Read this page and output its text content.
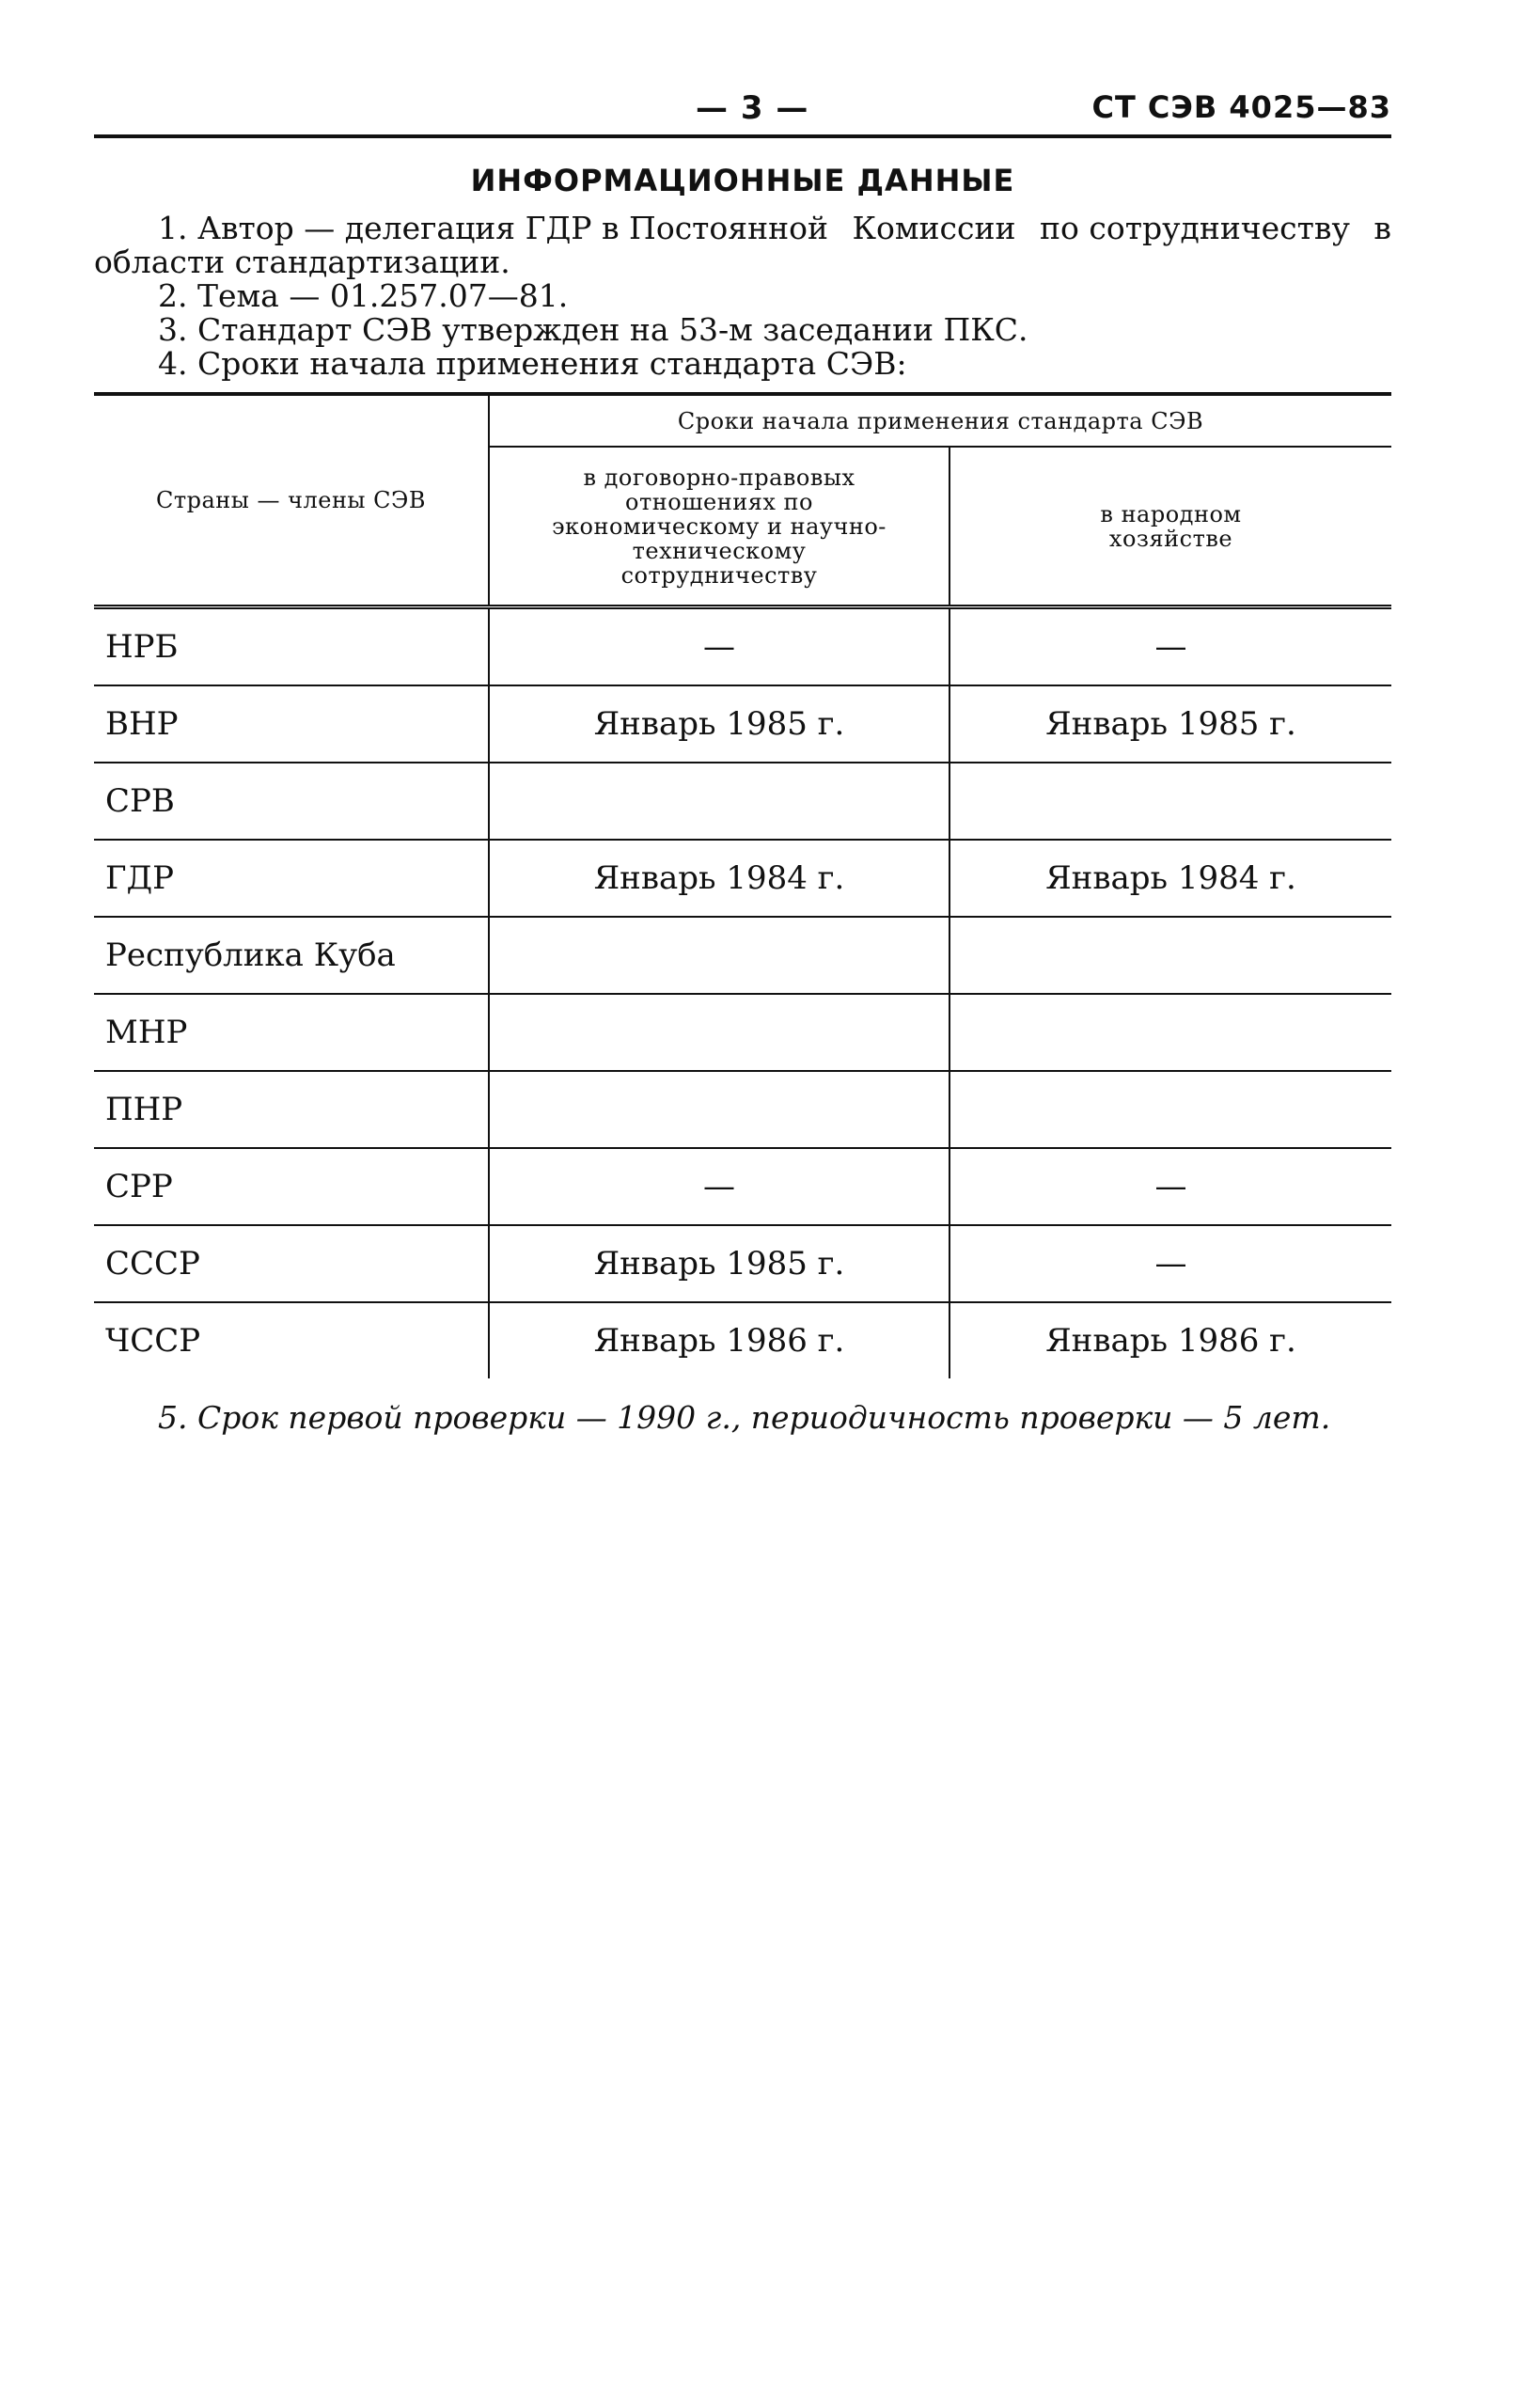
— 3 —	СТ СЭВ 4025—83
ИНФОРМАЦИОННЫЕ ДАННЫЕ

1. Автор — делегация ГДР в Постоянной Комиссии по сотрудничеству в

области стандартизации.

2. Тема — 01.257.07—81.

3. Стандарт СЭВ утвержден на 53-м заседании ПКС.

4. Сроки начала применения стандарта СЭВ:

Страны — члены СЭВ	Сроки начала применения стандарта СЭВ	

	в договорно-правовых отношениях по экономическому и научно-техническому сотрудничеству	в народном хозяйстве

НРБ	—	—
ВНР	Январь 1985 г.	Январь 1985 г.
СРВ		
ГДР	Январь 1984 г.	Январь 1984 г.
Республика Куба		
МНР		
ПНР		
СРР	—	—
СССР	Январь 1985 г.	—
ЧССР	Январь 1986 г.	Январь 1986 г.
5. Срок первой проверки — 1990 г., периодичность проверки — 5 лет.
